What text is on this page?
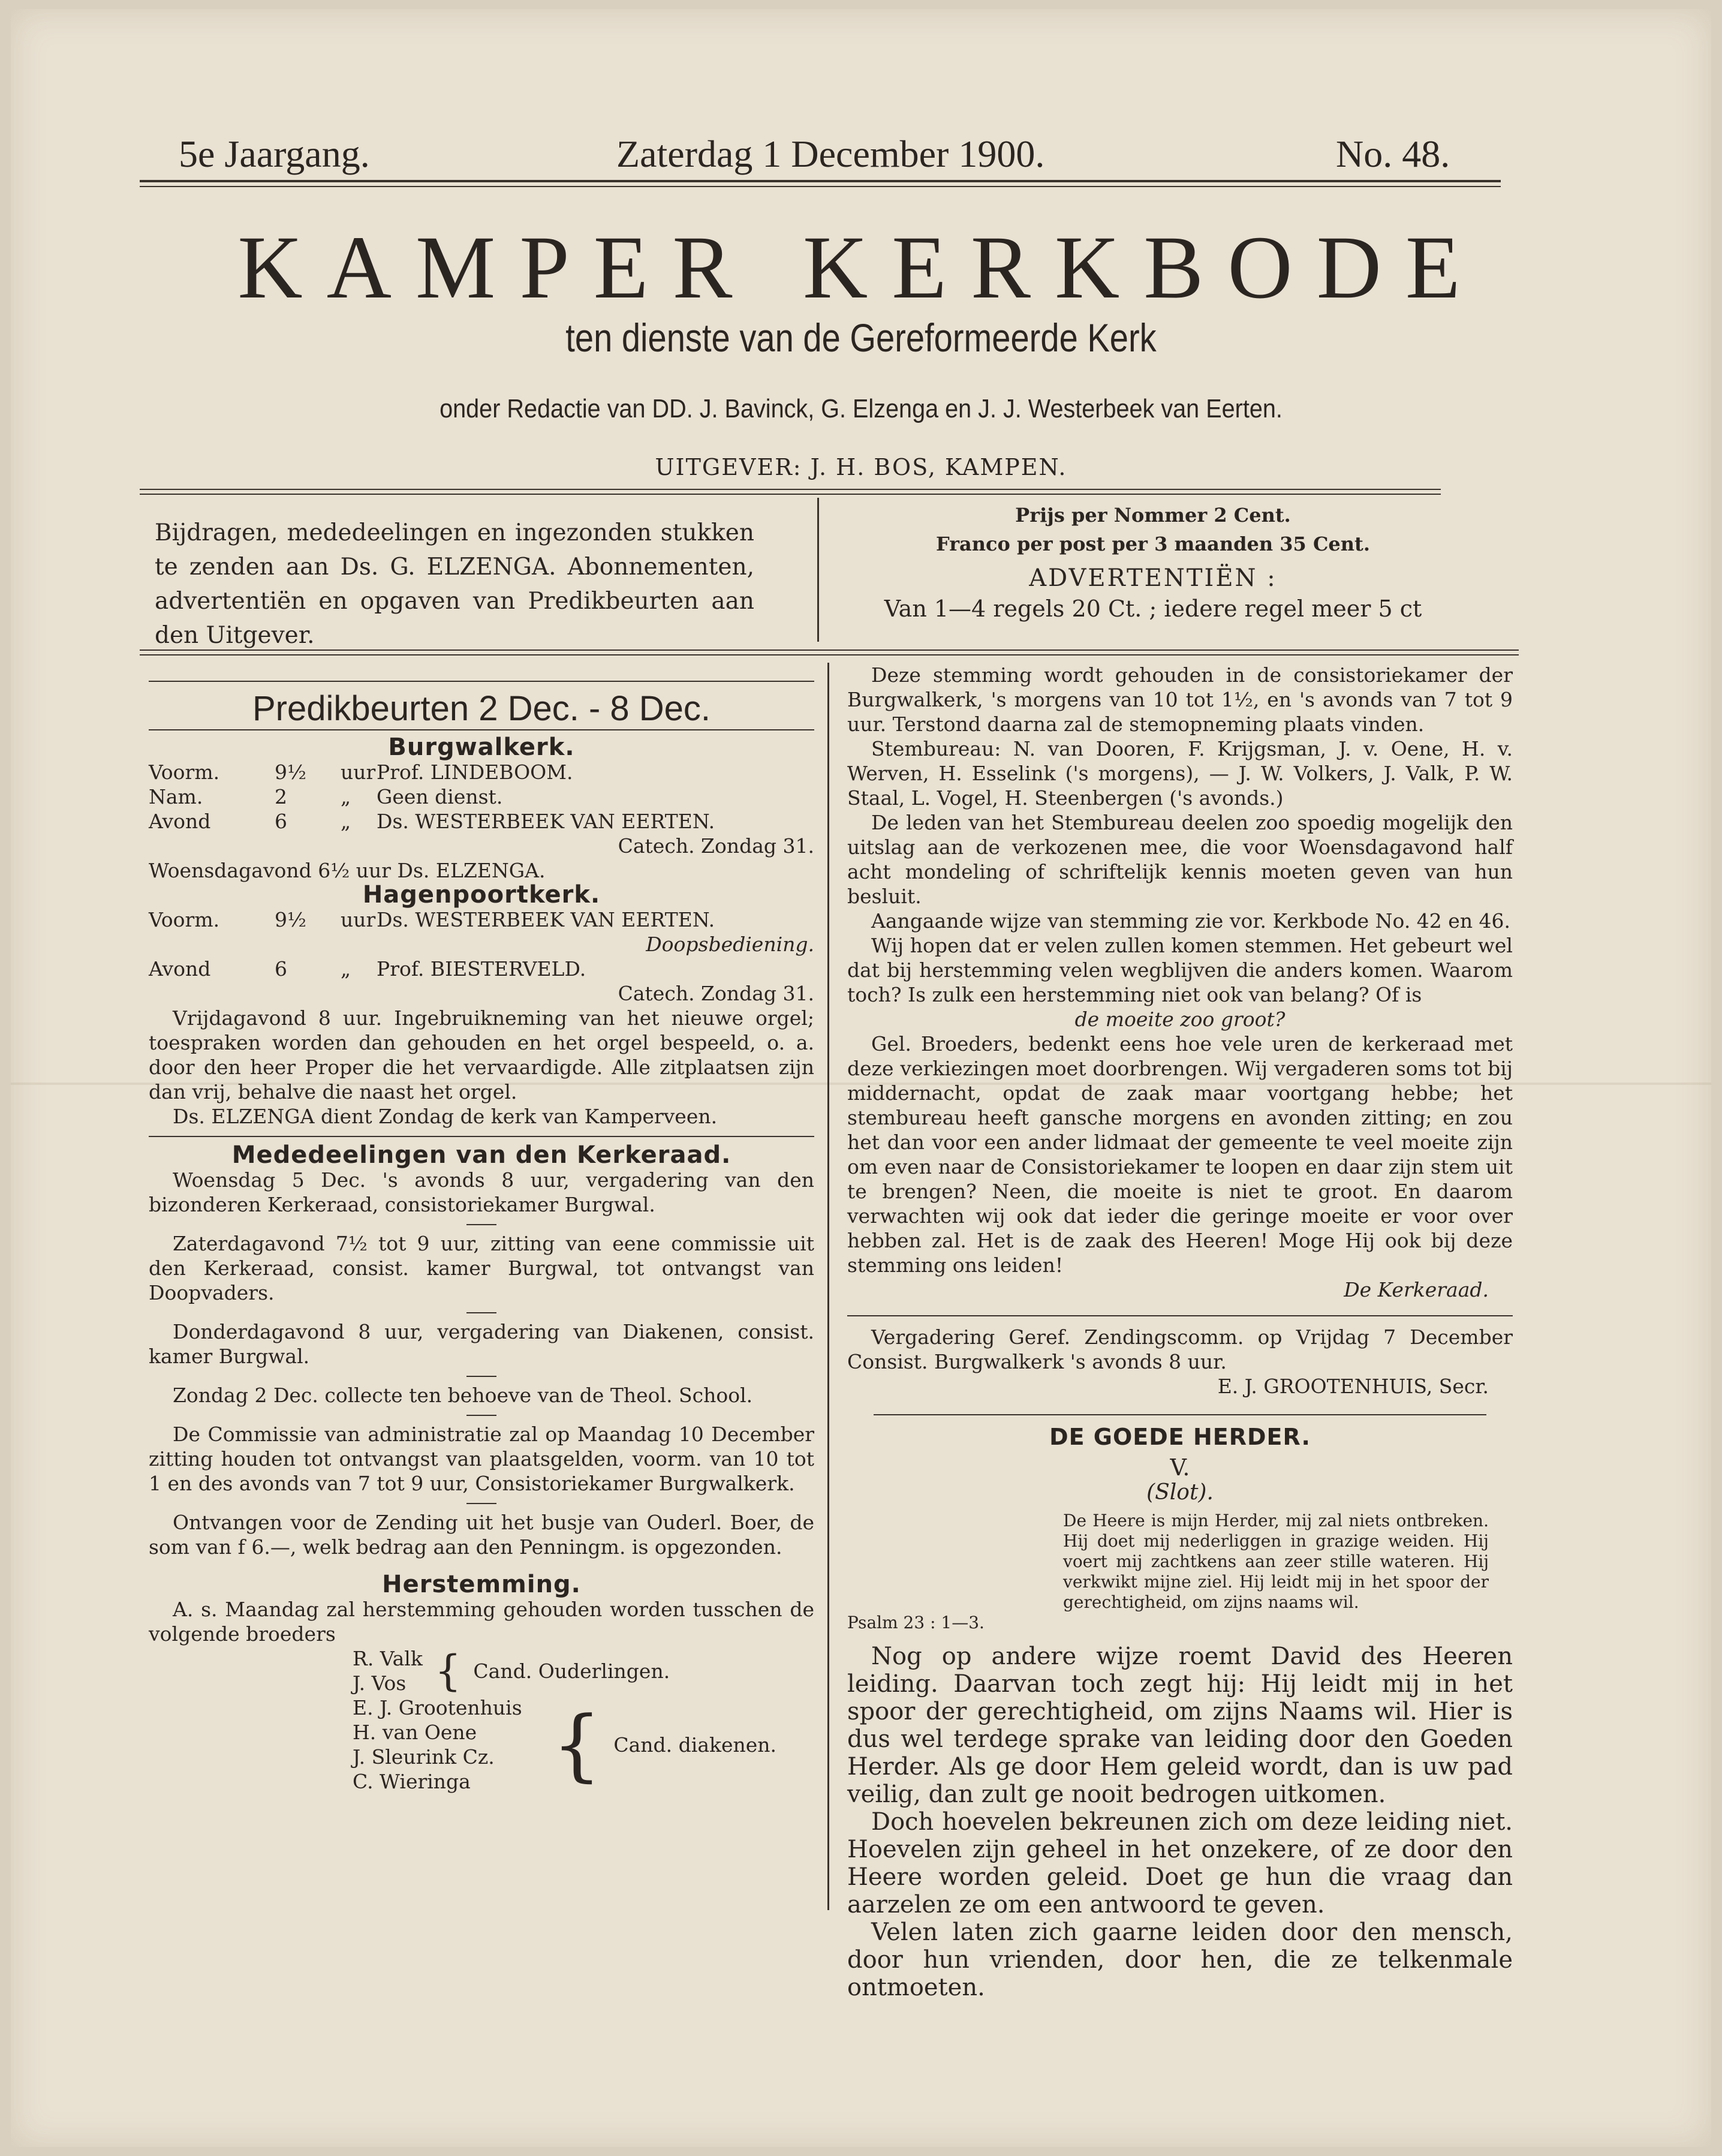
5e Jaargang.	Zaterdag 1 December 1900.	No. 48.
KAMPER KERKBODE
ten dienste van de Gereformeerde Kerk
onder Redactie van DD. J. Bavinck, G. Elzenga en J. J. Westerbeek van Eerten.
UITGEVER: J. H. BOS, KAMPEN.
Bijdragen, mededeelingen en ingezonden stukken te zenden aan Ds. G. ELZENGA. Abonnementen, advertentiën en opgaven van Predikbeurten aan den Uitgever.
Prijs per Nommer 2 Cent.
Franco per post per 3 maanden 35 Cent.
ADVERTENTIËN :
Van 1—4 regels 20 Ct. ; iedere regel meer 5 ct
Predikbeurten 2 Dec. - 8 Dec.
Burgwalkerk.
Voorm.	9½	uur Prof. LINDEBOOM.
Nam.	2	„	Geen dienst.
Avond	6	„	Ds. WESTERBEEK VAN EERTEN.
Catech. Zondag 31.
Woensdagavond 6½ uur Ds. ELZENGA.
Hagenpoortkerk.
Voorm.	9½	uur Ds. WESTERBEEK VAN EERTEN.
Doopsbediening.
Avond	6	„	Prof. BIESTERVELD.
Catech. Zondag 31.

Vrijdagavond 8 uur. Ingebruikneming van het nieuwe orgel; toespraken worden dan gehouden en het orgel bespeeld, o. a. door den heer Proper die het vervaardigde. Alle zitplaatsen zijn dan vrij, behalve die naast het orgel.

Ds. ELZENGA dient Zondag de kerk van Kamperveen.

Mededeelingen van den Kerkeraad.

Woensdag 5 Dec. 's avonds 8 uur, vergadering van den bizonderen Kerkeraad, consistoriekamer Burgwal.

Zaterdagavond 7½ tot 9 uur, zitting van eene commissie uit den Kerkeraad, consist. kamer Burgwal, tot ontvangst van Doopvaders.

Donderdagavond 8 uur, vergadering van Diakenen, consist. kamer Burgwal.

Zondag 2 Dec. collecte ten behoeve van de Theol. School.

De Commissie van administratie zal op Maandag 10 December zitting houden tot ontvangst van plaatsgelden, voorm. van 10 tot 1 en des avonds van 7 tot 9 uur, Consistoriekamer Burgwalkerk.

Ontvangen voor de Zending uit het busje van Ouderl. Boer, de som van f 6.—, welk bedrag aan den Penningm. is opgezonden.

Herstemming.

A. s. Maandag zal herstemming gehouden worden tusschen de volgende broeders

R. Valk
J. Vos { Cand. Ouderlingen.
E. J. Grootenhuis
H. van Oene
J. Sleurink Cz.
C. Wieringa	{ Cand. diakenen.

Deze stemming wordt gehouden in de consistoriekamer der Burgwalkerk, 's morgens van 10 tot 1½, en 's avonds van 7 tot 9 uur. Terstond daarna zal de stemopneming plaats vinden.

Stembureau: N. van Dooren, F. Krijgsman, J. v. Oene, H. v. Werven, H. Esselink ('s morgens), — J. W. Volkers, J. Valk, P. W. Staal, L. Vogel, H. Steenbergen ('s avonds.)

De leden van het Stembureau deelen zoo spoedig mogelijk den uitslag aan de verkozenen mee, die voor Woensdagavond half acht mondeling of schriftelijk kennis moeten geven van hun besluit.

Aangaande wijze van stemming zie vor. Kerkbode No. 42 en 46.

Wij hopen dat er velen zullen komen stemmen. Het gebeurt wel dat bij herstemming velen wegblijven die anders komen. Waarom toch? Is zulk een herstemming niet ook van belang? Of is

de moeite zoo groot?

Gel. Broeders, bedenkt eens hoe vele uren de kerkeraad met deze verkiezingen moet doorbrengen. Wij vergaderen soms tot bij middernacht, opdat de zaak maar voortgang hebbe; het stembureau heeft gansche morgens en avonden zitting; en zou het dan voor een ander lidmaat der gemeente te veel moeite zijn om even naar de Consistoriekamer te loopen en daar zijn stem uit te brengen? Neen, die moeite is niet te groot. En daarom verwachten wij ook dat ieder die geringe moeite er voor over hebben zal. Het is de zaak des Heeren! Moge Hij ook bij deze stemming ons leiden!

De Kerkeraad.

Vergadering Geref. Zendingscomm. op Vrijdag 7 December Consist. Burgwalkerk 's avonds 8 uur.

E. J. GROOTENHUIS, Secr.
DE GOEDE HERDER.
V.
(Slot).
De Heere is mijn Herder, mij zal niets ontbreken. Hij doet mij nederliggen in grazige weiden. Hij voert mij zachtkens aan zeer stille wateren. Hij verkwikt mijne ziel. Hij leidt mij in het spoor der gerechtigheid, om zijns naams wil.
Psalm 23 : 1—3.

Nog op andere wijze roemt David des Heeren leiding. Daarvan toch zegt hij: Hij leidt mij in het spoor der gerechtigheid, om zijns Naams wil. Hier is dus wel terdege sprake van leiding door den Goeden Herder. Als ge door Hem geleid wordt, dan is uw pad veilig, dan zult ge nooit bedrogen uitkomen.

Doch hoevelen bekreunen zich om deze leiding niet. Hoevelen zijn geheel in het onzekere, of ze door den Heere worden geleid. Doet ge hun die vraag dan aarzelen ze om een antwoord te geven.

Velen laten zich gaarne leiden door den mensch, door hun vrienden, door hen, die ze telkenmale ontmoeten.
